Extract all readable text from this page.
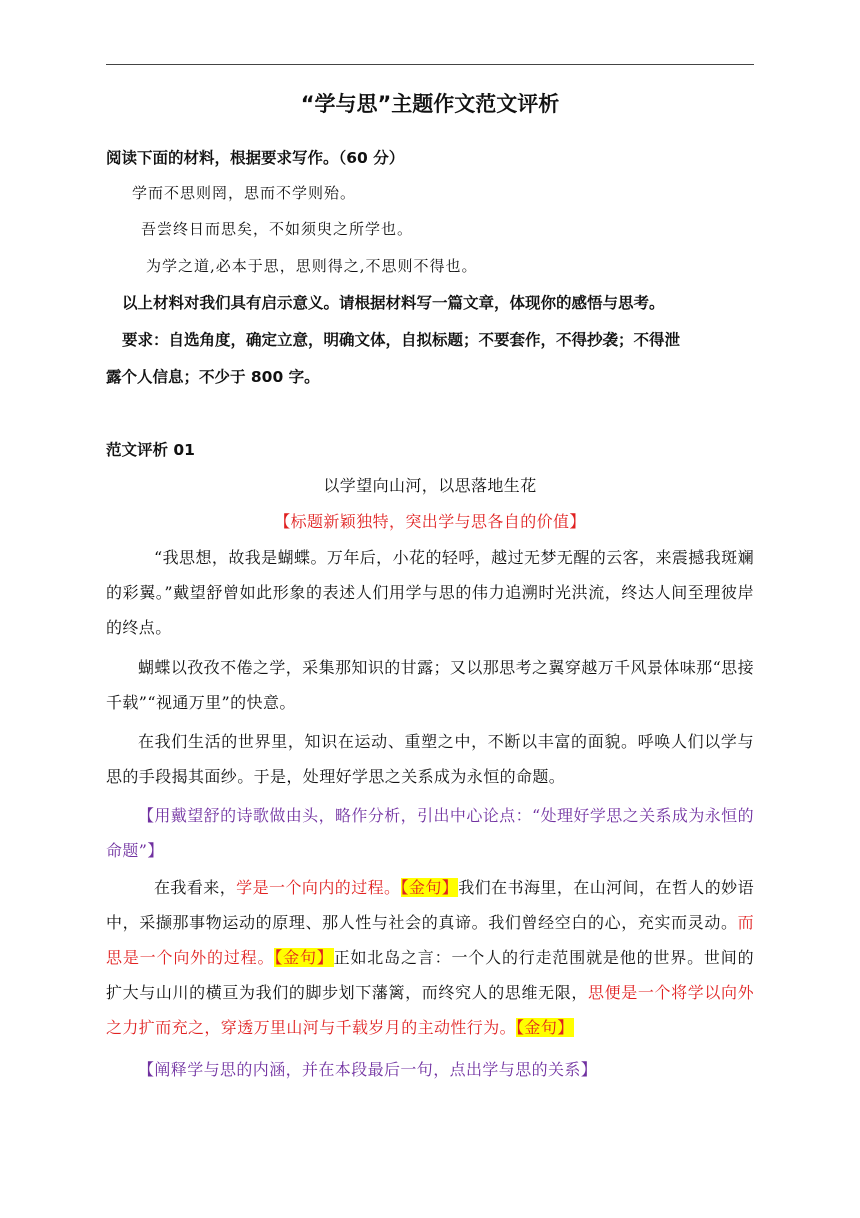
“学与思”主题作文范文评析
阅读下面的材料，根据要求写作。（60 分）
学而不思则罔，思而不学则殆。
吾尝终日而思矣，不如须臾之所学也。
为学之道,必本于思，思则得之,不思则不得也。
以上材料对我们具有启示意义。请根据材料写一篇文章，体现你的感悟与思考。
要求：自选角度，确定立意，明确文体，自拟标题；不要套作，不得抄袭；不得泄
露个人信息；不少于 800 字。
范文评析 01
以学望向山河，以思落地生花
【标题新颖独特，突出学与思各自的价值】
“我思想，故我是蝴蝶。万年后，小花的轻呼，越过无梦无醒的云客，来震撼我斑斓的彩翼。”戴望舒曾如此形象的表述人们用学与思的伟力追溯时光洪流，终达人间至理彼岸的终点。
蝴蝶以孜孜不倦之学，采集那知识的甘露；又以那思考之翼穿越万千风景体味那“思接千载”“视通万里”的快意。
在我们生活的世界里，知识在运动、重塑之中，不断以丰富的面貌。呼唤人们以学与思的手段揭其面纱。于是，处理好学思之关系成为永恒的命题。
【用戴望舒的诗歌做由头，略作分析，引出中心论点：“处理好学思之关系成为永恒的命题”】
在我看来，学是一个向内的过程。【金句】我们在书海里，在山河间，在哲人的妙语中，采撷那事物运动的原理、那人性与社会的真谛。我们曾经空白的心，充实而灵动。而思是一个向外的过程。【金句】正如北岛之言：一个人的行走范围就是他的世界。世间的扩大与山川的横亘为我们的脚步划下藩篱，而终究人的思维无限，思便是一个将学以向外之力扩而充之，穿透万里山河与千载岁月的主动性行为。【金句】
【阐释学与思的内涵，并在本段最后一句，点出学与思的关系】
